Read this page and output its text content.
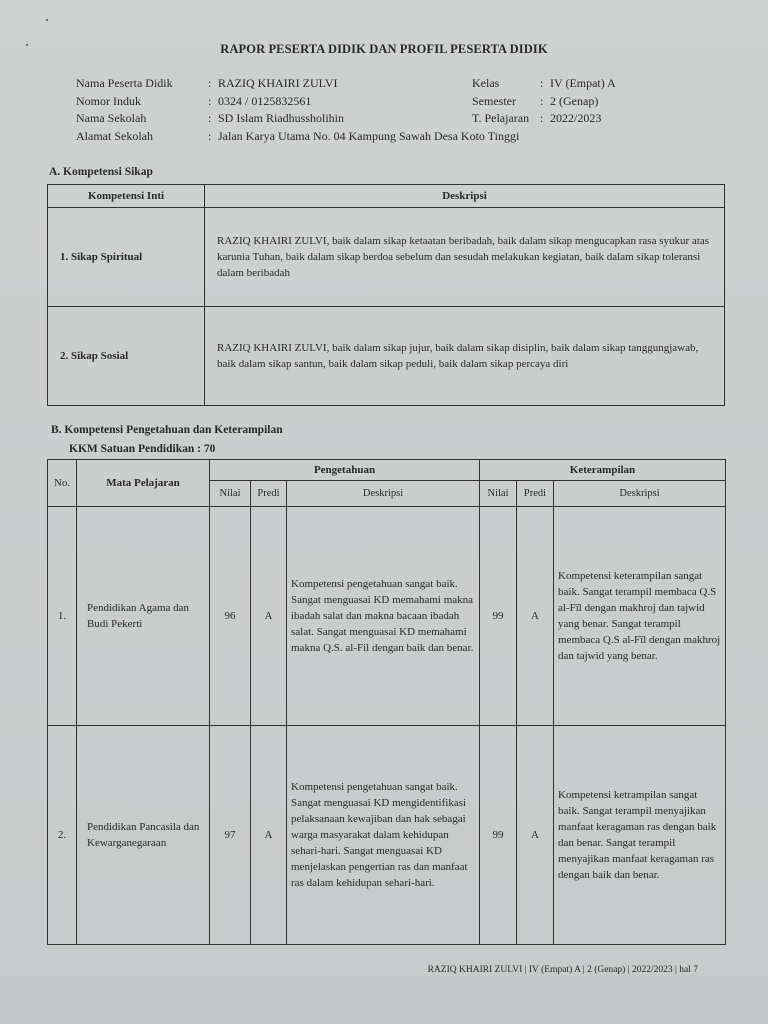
RAPOR PESERTA DIDIK DAN PROFIL PESERTA DIDIK
Nama Peserta Didik	: RAZIQ KHAIRI ZULVI
Nomor Induk	: 0324 / 0125832561
Nama Sekolah	: SD Islam Riadhussholihin
Alamat Sekolah	: Jalan Karya Utama No. 04 Kampung Sawah Desa Koto Tinggi
Kelas	: IV (Empat) A
Semester	: 2 (Genap)
T. Pelajaran : 2022/2023
A. Kompetensi Sikap
Kompetensi Inti	Deskripsi
1. Sikap Spiritual	RAZIQ KHAIRI ZULVI, baik dalam sikap ketaatan beribadah, baik dalam sikap mengucapkan rasa syukur atas karunia Tuhan, baik dalam sikap berdoa sebelum dan sesudah melakukan kegiatan, baik dalam sikap toleransi dalam beribadah
2. Sikap Sosial	RAZIQ KHAIRI ZULVI, baik dalam sikap jujur, baik dalam sikap disiplin, baik dalam sikap tanggungjawab, baik dalam sikap santun, baik dalam sikap peduli, baik dalam sikap percaya diri
B. Kompetensi Pengetahuan dan Keterampilan
KKM Satuan Pendidikan : 70
No.	Mata Pelajaran	Pengetahuan			Keterampilan		
		Nilai	Predi	Deskripsi	Nilai	Predi	Deskripsi
1.	Pendidikan Agama dan Budi Pekerti	96	A	Kompetensi pengetahuan sangat baik. Sangat menguasai KD memahami makna ibadah salat dan makna bacaan ibadah salat. Sangat menguasai KD memahami makna Q.S. al-Fil dengan baik dan benar.	99	A	Kompetensi keterampilan sangat baik. Sangat terampil membaca Q.S al-Fīl dengan makhroj dan tajwid yang benar. Sangat terampil membaca Q.S al-Fīl dengan makhroj dan tajwid yang benar.
2.	Pendidikan Pancasila dan Kewarganegaraan	97	A	Kompetensi pengetahuan sangat baik. Sangat menguasai KD mengidentifikasi pelaksanaan kewajiban dan hak sebagai warga masyarakat dalam kehidupan sehari-hari. Sangat menguasai KD menjelaskan pengertian ras dan manfaat ras dalam kehidupan sehari-hari.	99	A	Kompetensi ketrampilan sangat baik. Sangat terampil menyajikan manfaat keragaman ras dengan baik dan benar. Sangat terampil menyajikan manfaat keragaman ras dengan baik dan benar.
RAZIQ KHAIRI ZULVI | IV (Empat) A | 2 (Genap) | 2022/2023 | hal 7
